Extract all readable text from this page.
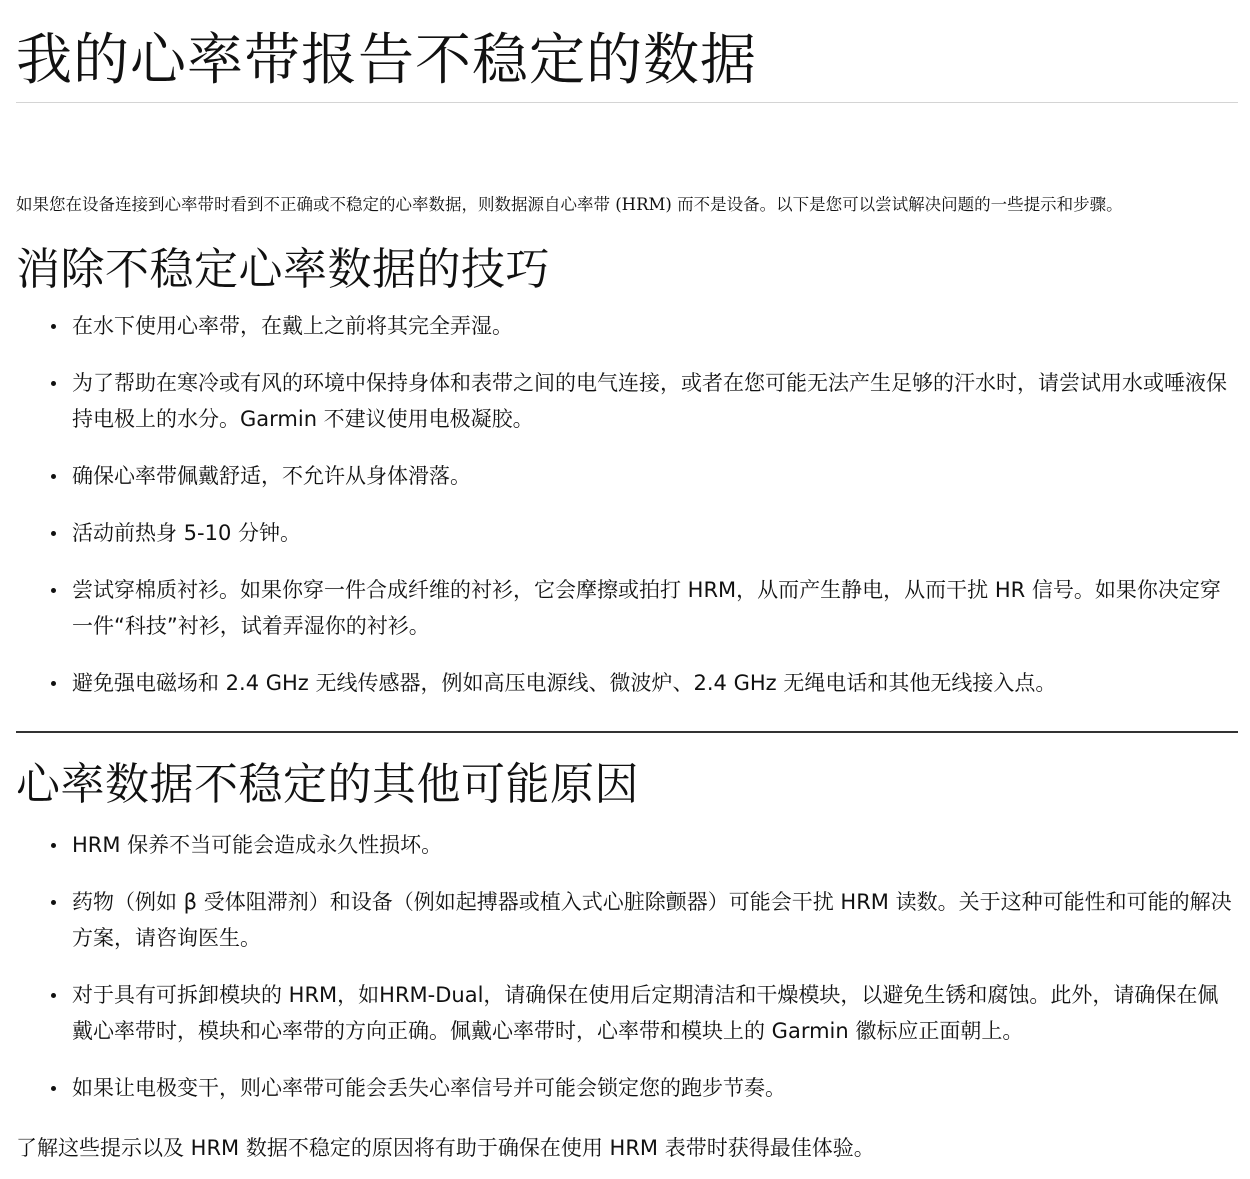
我的心率带报告不稳定的数据

如果您在设备连接到心率带时看到不正确或不稳定的心率数据，则数据源自心率带 (HRM) 而不是设备。以下是您可以尝试解决问题的一些提示和步骤。

消除不稳定心率数据的技巧
在水下使用心率带，在戴上之前将其完全弄湿。
为了帮助在寒冷或有风的环境中保持身体和表带之间的电气连接，或者在您可能无法产生足够的汗水时，请尝试用水或唾液保持电极上的水分。Garmin 不建议使用电极凝胶。
确保心率带佩戴舒适，不允许从身体滑落。
活动前热身 5-10 分钟。
尝试穿棉质衬衫。如果你穿一件合成纤维的衬衫，它会摩擦或拍打 HRM，从而产生静电，从而干扰 HR 信号。如果你决定穿一件“科技”衬衫，试着弄湿你的衬衫。
避免强电磁场和 2.4 GHz 无线传感器，例如高压电源线、微波炉、2.4 GHz 无绳电话和其他无线接入点。
心率数据不稳定的其他可能原因
HRM 保养不当可能会造成永久性损坏。
药物（例如 β 受体阻滞剂）和设备（例如起搏器或植入式心脏除颤器）可能会干扰 HRM 读数。关于这种可能性和可能的解决方案，请咨询医生。
对于具有可拆卸模块的 HRM，如HRM-Dual，请确保在使用后定期清洁和干燥模块，以避免生锈和腐蚀。此外，请确保在佩戴心率带时，模块和心率带的方向正确。佩戴心率带时，心率带和模块上的 Garmin 徽标应正面朝上。
如果让电极变干，则心率带可能会丢失心率信号并可能会锁定您的跑步节奏。

了解这些提示以及 HRM 数据不稳定的原因将有助于确保在使用 HRM 表带时获得最佳体验。
